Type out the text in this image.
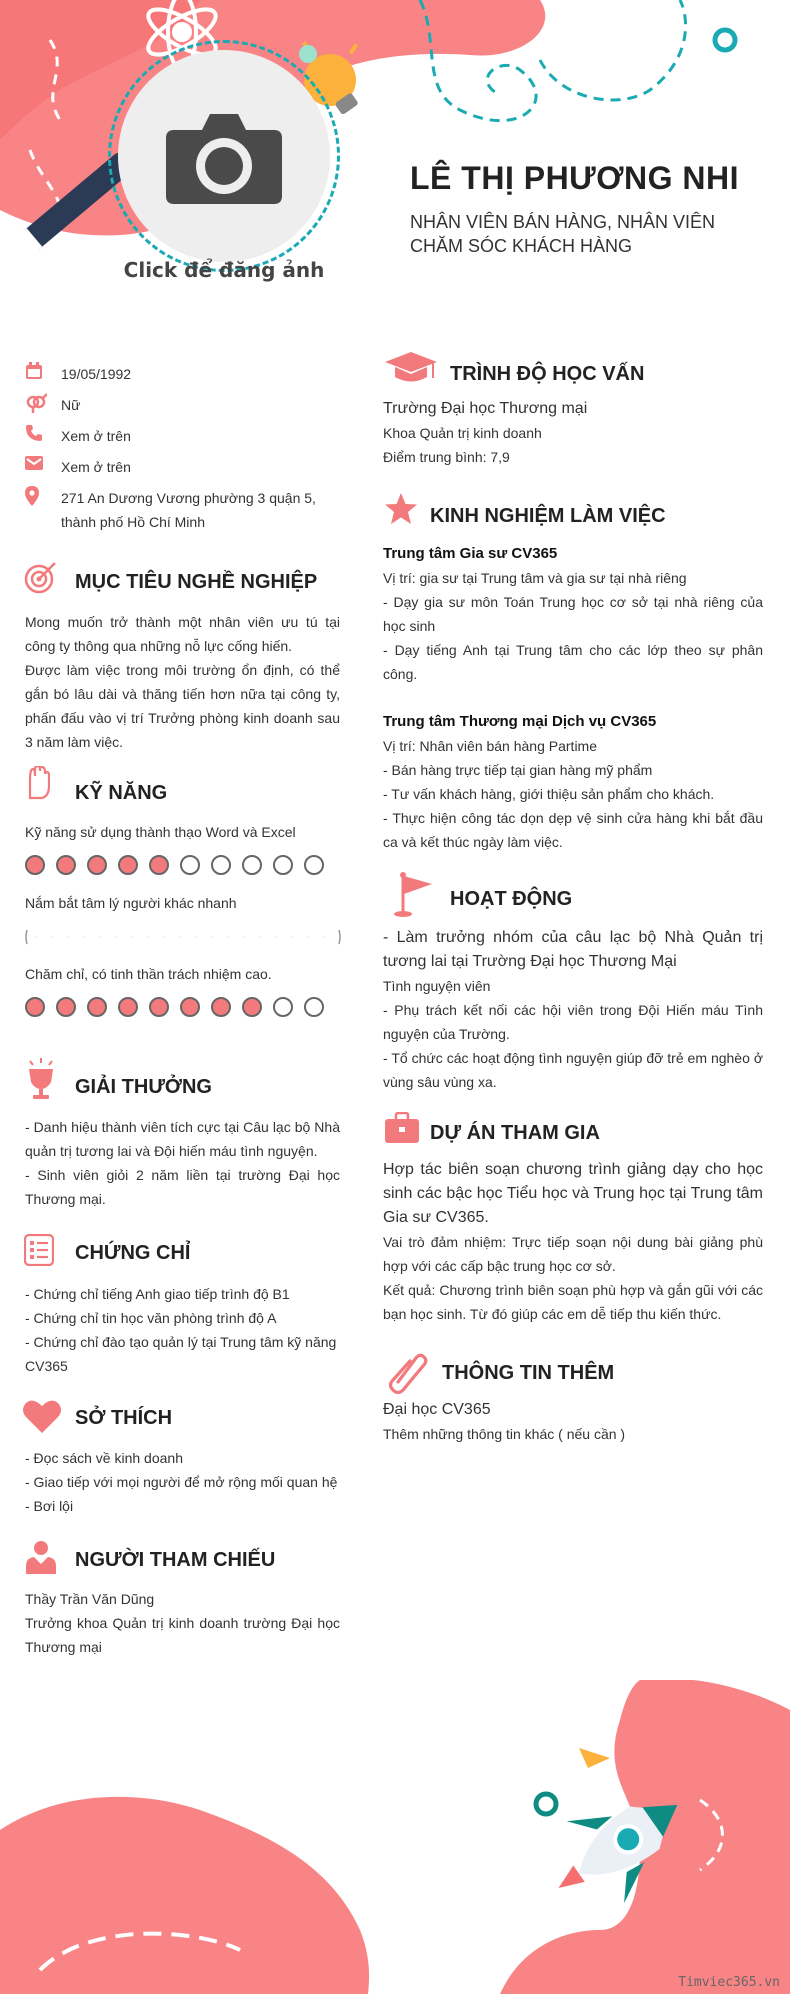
Click để đăng ảnh
LÊ THỊ PHƯƠNG NHI
NHÂN VIÊN BÁN HÀNG, NHÂN VIÊN CHĂM SÓC KHÁCH HÀNG
19/05/1992
Nữ
Xem ở trên
Xem ở trên
271 An Dương Vương phường 3 quận 5, thành phố Hồ Chí Minh
MỤC TIÊU NGHỀ NGHIỆP

Mong muốn trở thành một nhân viên ưu tú tại công ty thông qua những nỗ lực cống hiến.

Được làm việc trong môi trường ổn định, có thể gắn bó lâu dài và thăng tiến hơn nữa tại công ty, phấn đấu vào vị trí Trưởng phòng kinh doanh sau 3 năm làm việc.

KỸ NĂNG
Kỹ năng sử dụng thành thạo Word và Excel
Nắm bắt tâm lý người khác nhanh
Chăm chỉ, có tinh thần trách nhiệm cao.
GIẢI THƯỞNG

- Danh hiệu thành viên tích cực tại Câu lạc bộ Nhà quản trị tương lai và Đội hiến máu tình nguyện.

- Sinh viên giỏi 2 năm liền tại trường Đại học Thương mại.

CHỨNG CHỈ

- Chứng chỉ tiếng Anh giao tiếp trình độ B1

- Chứng chỉ tin học văn phòng trình độ A

- Chứng chỉ đào tạo quản lý tại Trung tâm kỹ năng CV365

SỞ THÍCH

- Đọc sách về kinh doanh

- Giao tiếp với mọi người để mở rộng mối quan hệ

- Bơi lội

NGƯỜI THAM CHIẾU

Thầy Trần Văn Dũng

Trưởng khoa Quản trị kinh doanh trường Đại học Thương mại

TRÌNH ĐỘ HỌC VẤN

Trường Đại học Thương mại

Khoa Quản trị kinh doanh

Điểm trung bình: 7,9

KINH NGHIỆM LÀM VIỆC

Trung tâm Gia sư CV365

Vị trí: gia sư tại Trung tâm và gia sư tại nhà riêng

- Dạy gia sư môn Toán Trung học cơ sở tại nhà riêng của học sinh

- Dạy tiếng Anh tại Trung tâm cho các lớp theo sự phân công.

Trung tâm Thương mại Dịch vụ CV365

Vị trí: Nhân viên bán hàng Partime

- Bán hàng trực tiếp tại gian hàng mỹ phẩm

- Tư vấn khách hàng, giới thiệu sản phẩm cho khách.

- Thực hiện công tác dọn dẹp vệ sinh cửa hàng khi bắt đầu ca và kết thúc ngày làm việc.

HOẠT ĐỘNG

- Làm trưởng nhóm của câu lạc bộ Nhà Quản trị tương lai tại Trường Đại học Thương Mại

Tình nguyện viên

- Phụ trách kết nối các hội viên trong Đội Hiến máu Tình nguyện của Trường.

- Tổ chức các hoạt động tình nguyện giúp đỡ trẻ em nghèo ở vùng sâu vùng xa.

DỰ ÁN THAM GIA

Hợp tác biên soạn chương trình giảng dạy cho học sinh các bậc học Tiểu học và Trung học tại Trung tâm Gia sư CV365.

Vai trò đảm nhiệm: Trực tiếp soạn nội dung bài giảng phù hợp với các cấp bậc trung học cơ sở.

Kết quả: Chương trình biên soạn phù hợp và gắn gũi với các bạn học sinh. Từ đó giúp các em dễ tiếp thu kiến thức.

THÔNG TIN THÊM

Đại học CV365

Thêm những thông tin khác ( nếu cần )

Timviec365.vn
